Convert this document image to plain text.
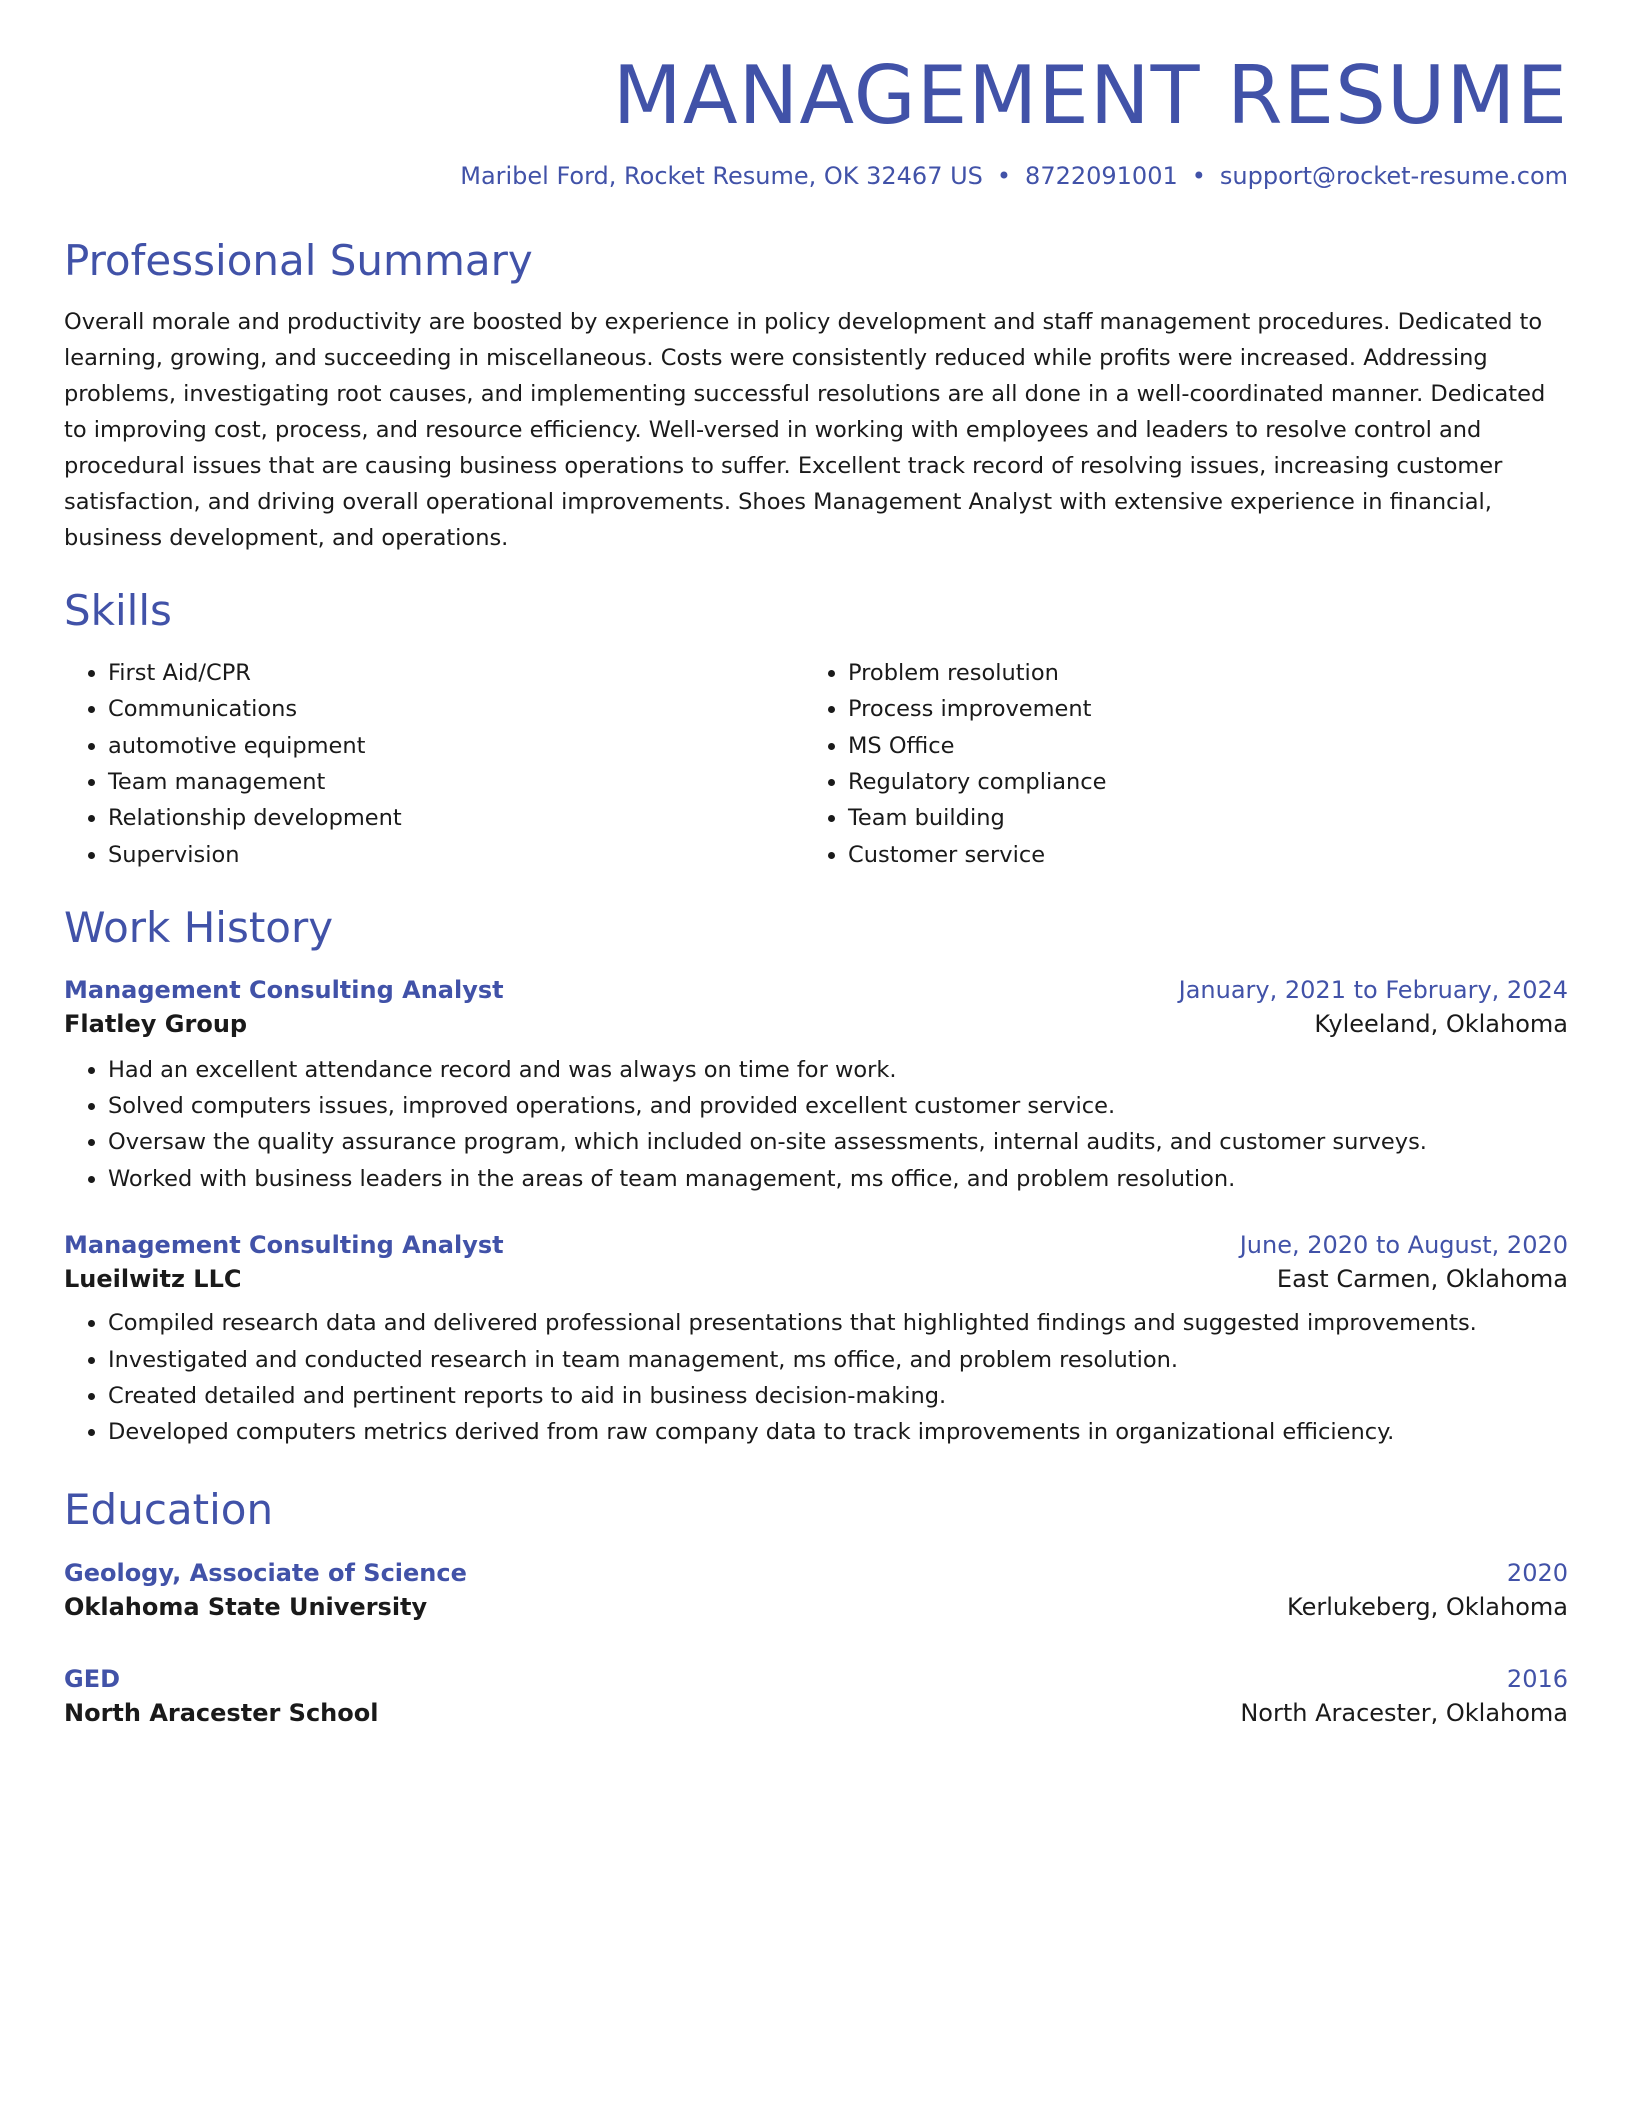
MANAGEMENT RESUME
Maribel Ford, Rocket Resume, OK 32467 US • 8722091001 • support@rocket-resume.com
Professional Summary
Overall morale and productivity are boosted by experience in policy development and staff management procedures. Dedicated to learning, growing, and succeeding in miscellaneous. Costs were consistently reduced while profits were increased. Addressing problems, investigating root causes, and implementing successful resolutions are all done in a well-coordinated manner. Dedicated to improving cost, process, and resource efficiency. Well-versed in working with employees and leaders to resolve control and procedural issues that are causing business operations to suffer. Excellent track record of resolving issues, increasing customer satisfaction, and driving overall operational improvements. Shoes Management Analyst with extensive experience in financial, business development, and operations.
Skills
• First Aid/CPR
• Communications
• automotive equipment
• Team management
• Relationship development
• Supervision
• Problem resolution
• Process improvement
• MS Office
• Regulatory compliance
• Team building
• Customer service
Work History
Management Consulting Analyst	January, 2021 to February, 2024
Flatley Group	Kyleeland, Oklahoma
• Had an excellent attendance record and was always on time for work.
• Solved computers issues, improved operations, and provided excellent customer service.
• Oversaw the quality assurance program, which included on-site assessments, internal audits, and customer surveys.
• Worked with business leaders in the areas of team management, ms office, and problem resolution.
Management Consulting Analyst	June, 2020 to August, 2020
Lueilwitz LLC	East Carmen, Oklahoma
• Compiled research data and delivered professional presentations that highlighted findings and suggested improvements.
• Investigated and conducted research in team management, ms office, and problem resolution.
• Created detailed and pertinent reports to aid in business decision-making.
• Developed computers metrics derived from raw company data to track improvements in organizational efficiency.
Education
Geology, Associate of Science	2020
Oklahoma State University	Kerlukeberg, Oklahoma
GED	2016
North Aracester School	North Aracester, Oklahoma
